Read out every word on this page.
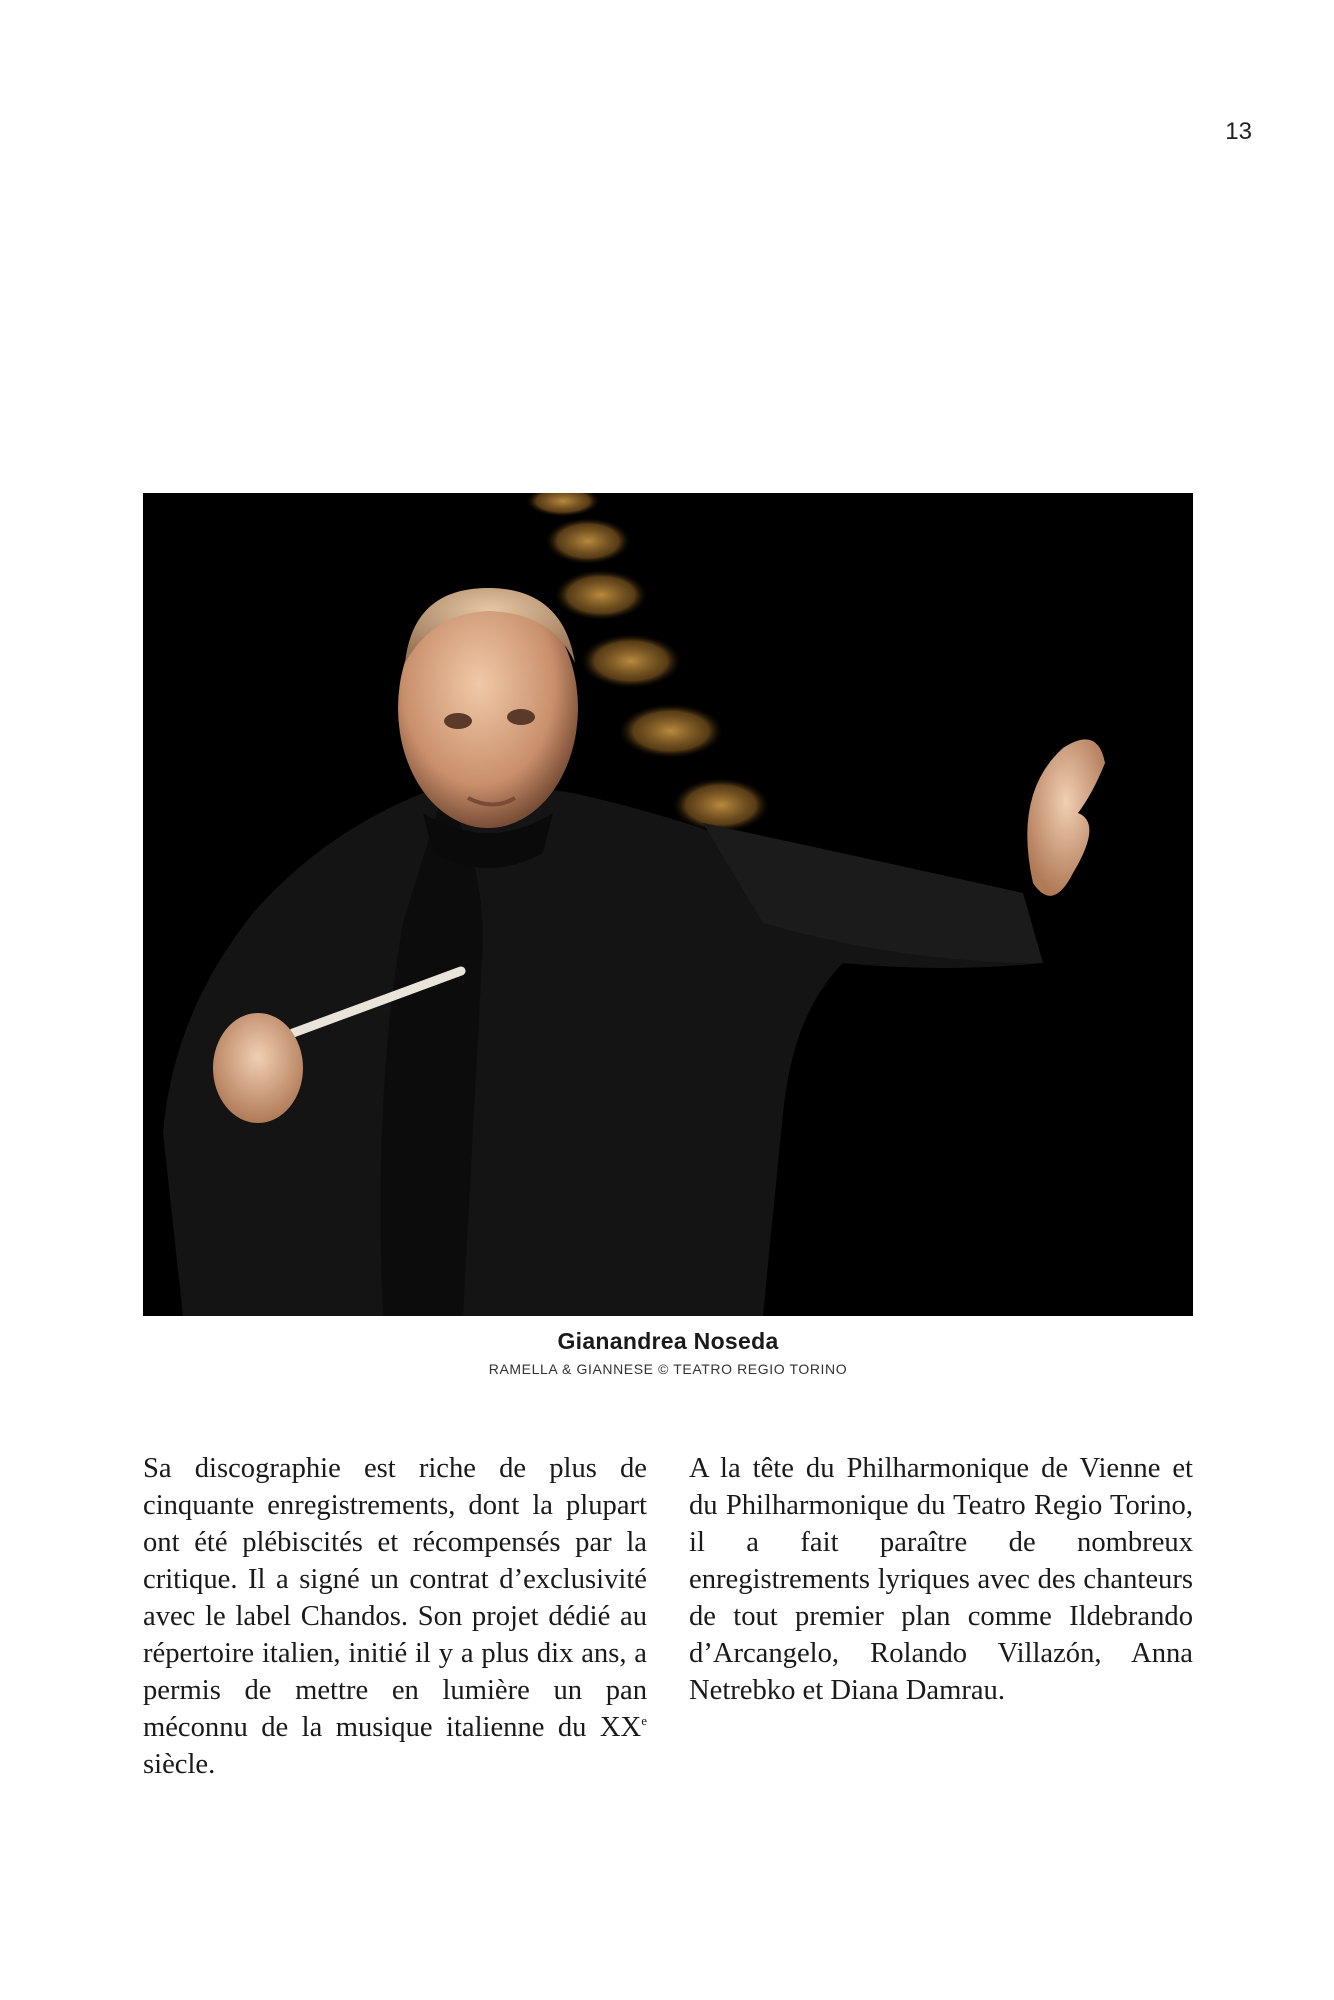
13
Gianandrea Noseda
RAMELLA & GIANNESE © TEATRO REGIO TORINO
Sa discographie est riche de plus de cinquante enregistrements, dont la plupart ont été plébiscités et récompensés par la critique. Il a signé un contrat d’exclusivité avec le label Chandos. Son projet dédié au répertoire italien, initié il y a plus dix ans, a permis de mettre en lumière un pan méconnu de la musique italienne du XXe siècle.
A la tête du Philharmonique de Vienne et du Philharmonique du Teatro Regio Torino, il a fait paraître de nombreux enregistrements lyriques avec des chanteurs de tout premier plan comme Ildebrando d’Arcangelo, Rolando Villazón, Anna Netrebko et Diana Damrau.
